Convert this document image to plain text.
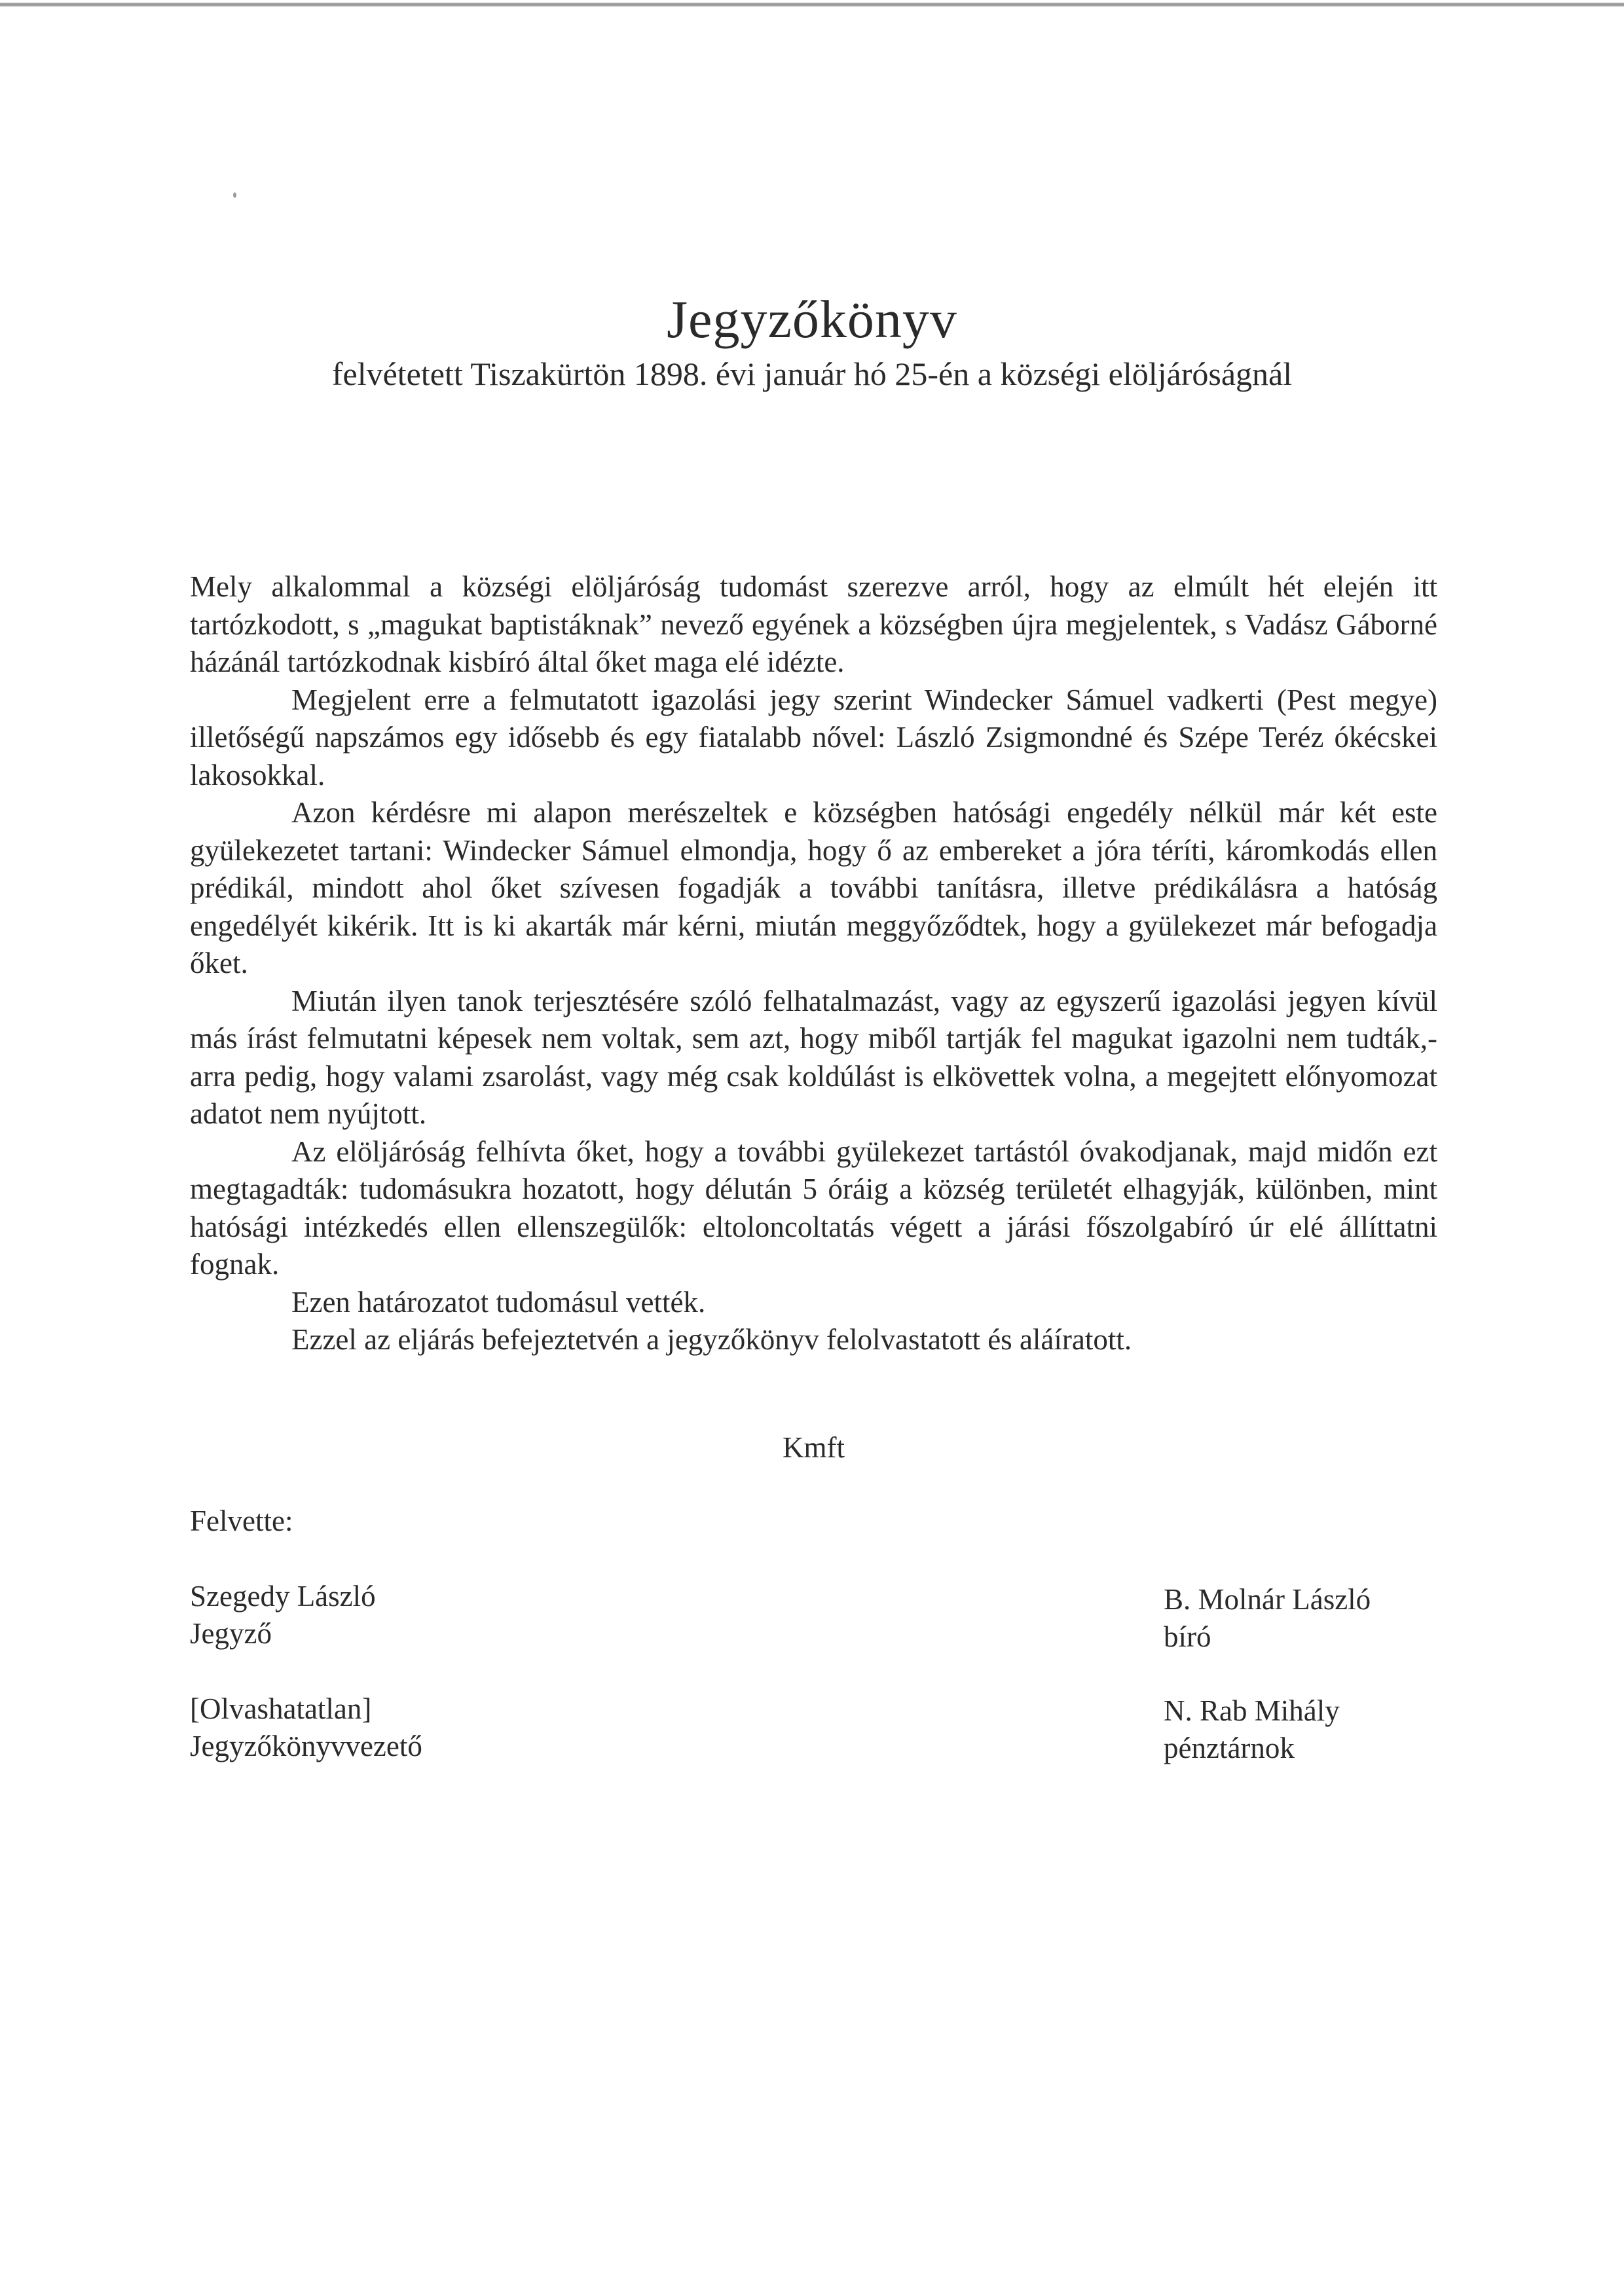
Jegyzőkönyv
felvétetett Tiszakürtön 1898. évi január hó 25-én a községi elöljáróságnál

Mely alkalommal a községi elöljáróság tudomást szerezve arról, hogy az elmúlt hét elején itt tartózkodott, s „magukat baptistáknak” nevező egyének a községben újra megjelentek, s Vadász Gáborné házánál tartózkodnak kisbíró által őket maga elé idézte.

Megjelent erre a felmutatott igazolási jegy szerint Windecker Sámuel vadkerti (Pest megye) illetőségű napszámos egy idősebb és egy fiatalabb nővel: László Zsigmondné és Szépe Teréz ókécskei lakosokkal.

Azon kérdésre mi alapon merészeltek e községben hatósági engedély nélkül már két este gyülekezetet tartani: Windecker Sámuel elmondja, hogy ő az embereket a jóra téríti, káromkodás ellen prédikál, mindott ahol őket szívesen fogadják a további tanításra, illetve prédikálásra a hatóság engedélyét kikérik. Itt is ki akarták már kérni, miután meggyőződtek, hogy a gyülekezet már befogadja őket.

Miután ilyen tanok terjesztésére szóló felhatalmazást, vagy az egyszerű igazolási jegyen kívül más írást felmutatni képesek nem voltak, sem azt, hogy miből tartják fel magukat igazolni nem tudták,- arra pedig, hogy valami zsarolást, vagy még csak koldúlást is elkövettek volna, a megejtett előnyomozat adatot nem nyújtott.

Az elöljáróság felhívta őket, hogy a további gyülekezet tartástól óvakodjanak, majd midőn ezt megtagadták: tudomásukra hozatott, hogy délután 5 óráig a község területét elhagyják, különben, mint hatósági intézkedés ellen ellenszegülők: eltoloncoltatás végett a járási főszolgabíró úr elé állíttatni fognak.

Ezen határozatot tudomásul vették.

Ezzel az eljárás befejeztetvén a jegyzőkönyv felolvastatott és aláíratott.

Kmft
Felvette:
Szegedy László
Jegyző
[Olvashatatlan]
Jegyzőkönyvvezető
B. Molnár László
bíró
N. Rab Mihály
pénztárnok
